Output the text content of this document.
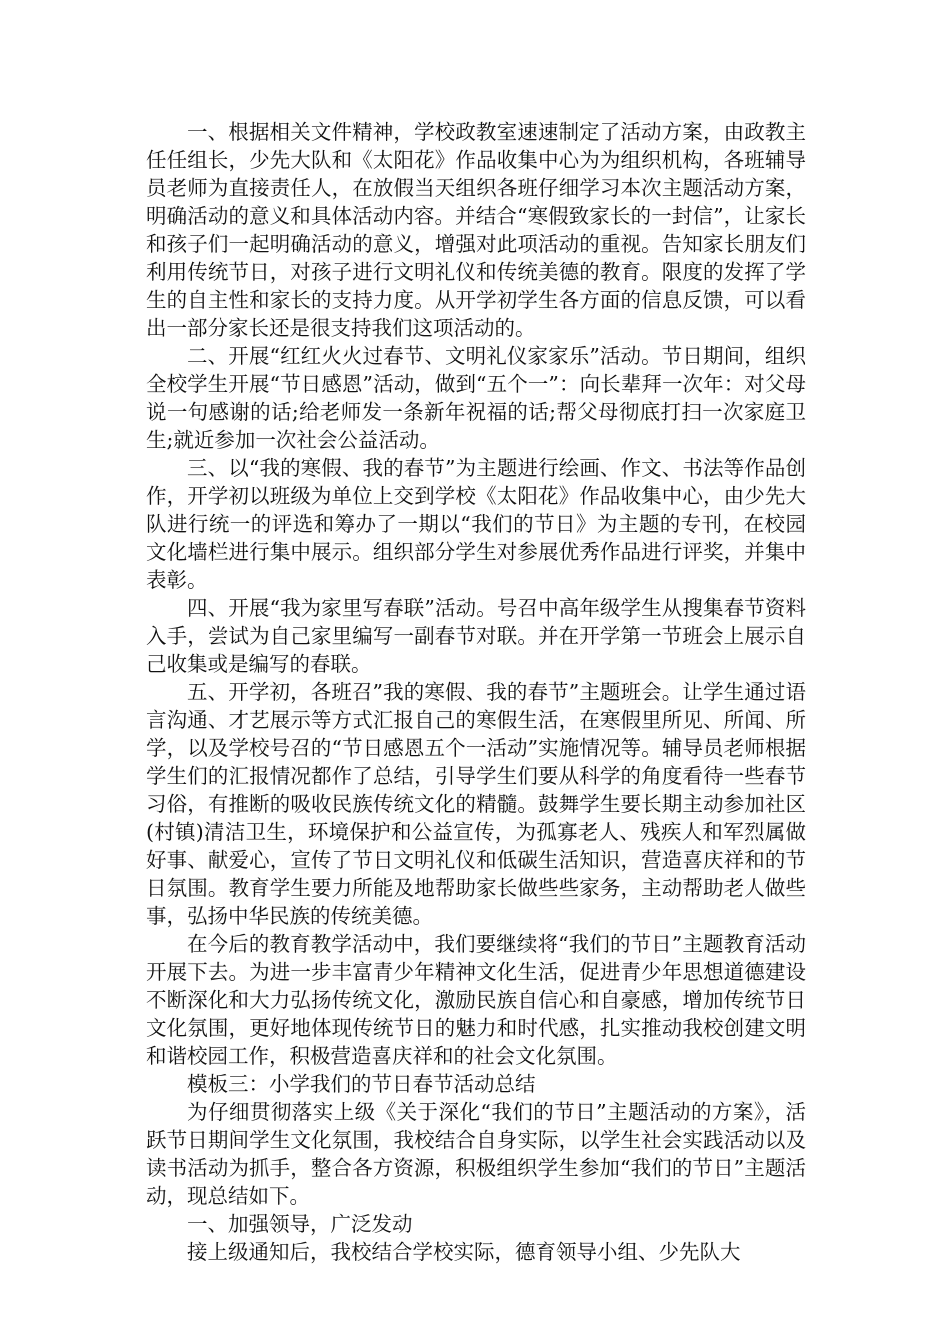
一、根据相关文件精神，学校政教室速速制定了活动方案，由政教主任任组长，少先大队和《太阳花》作品收集中心为为组织机构，各班辅导员老师为直接责任人，在放假当天组织各班仔细学习本次主题活动方案，明确活动的意义和具体活动内容。并结合“寒假致家长的一封信”，让家长和孩子们一起明确活动的意义，增强对此项活动的重视。告知家长朋友们利用传统节日，对孩子进行文明礼仪和传统美德的教育。限度的发挥了学生的自主性和家长的支持力度。从开学初学生各方面的信息反馈，可以看出一部分家长还是很支持我们这项活动的。

二、开展“红红火火过春节、文明礼仪家家乐”活动。节日期间，组织全校学生开展“节日感恩”活动，做到“五个一”：向长辈拜一次年：对父母说一句感谢的话;给老师发一条新年祝福的话;帮父母彻底打扫一次家庭卫生;就近参加一次社会公益活动。

三、以“我的寒假、我的春节”为主题进行绘画、作文、书法等作品创作，开学初以班级为单位上交到学校《太阳花》作品收集中心，由少先大队进行统一的评选和筹办了一期以“我们的节日》为主题的专刊，在校园文化墙栏进行集中展示。组织部分学生对参展优秀作品进行评奖，并集中表彰。

四、开展“我为家里写春联”活动。号召中高年级学生从搜集春节资料入手，尝试为自己家里编写一副春节对联。并在开学第一节班会上展示自己收集或是编写的春联。

五、开学初，各班召”我的寒假、我的春节”主题班会。让学生通过语言沟通、才艺展示等方式汇报自己的寒假生活，在寒假里所见、所闻、所学，以及学校号召的“节日感恩五个一活动”实施情况等。辅导员老师根据学生们的汇报情况都作了总结，引导学生们要从科学的角度看待一些春节习俗，有推断的吸收民族传统文化的精髓。鼓舞学生要长期主动参加社区(村镇)清洁卫生，环境保护和公益宣传，为孤寡老人、残疾人和军烈属做好事、献爱心，宣传了节日文明礼仪和低碳生活知识，营造喜庆祥和的节日氛围。教育学生要力所能及地帮助家长做些些家务，主动帮助老人做些事，弘扬中华民族的传统美德。

在今后的教育教学活动中，我们要继续将“我们的节日”主题教育活动开展下去。为进一步丰富青少年精神文化生活，促进青少年思想道德建设不断深化和大力弘扬传统文化，激励民族自信心和自豪感，增加传统节日文化氛围，更好地体现传统节日的魅力和时代感，扎实推动我校创建文明和谐校园工作，积极营造喜庆祥和的社会文化氛围。

模板三：小学我们的节日春节活动总结

为仔细贯彻落实上级《关于深化“我们的节日”主题活动的方案》，活跃节日期间学生文化氛围，我校结合自身实际，以学生社会实践活动以及读书活动为抓手，整合各方资源，积极组织学生参加“我们的节日”主题活动，现总结如下。

一、加强领导，广泛发动

接上级通知后，我校结合学校实际，德育领导小组、少先队大
